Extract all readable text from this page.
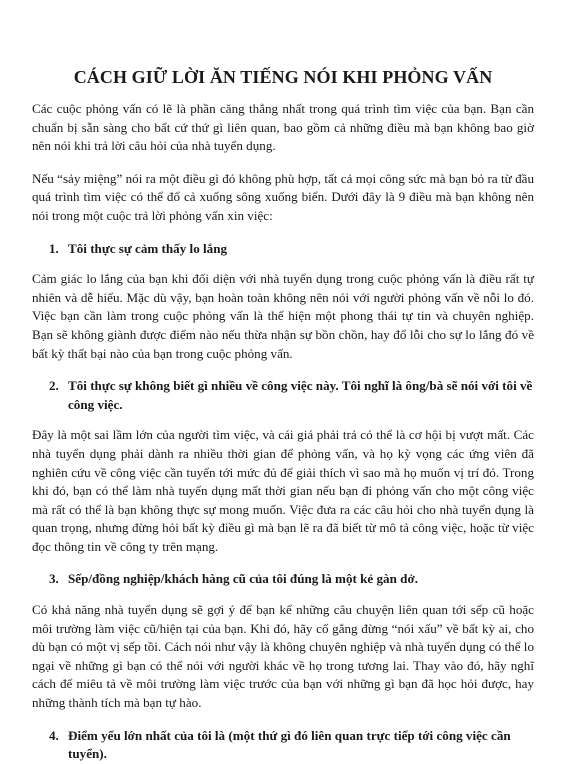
CÁCH GIỮ LỜI ĂN TIẾNG NÓI KHI PHỎNG VẤN

Các cuộc phỏng vấn có lẽ là phần căng thẳng nhất trong quá trình tìm việc của bạn. Bạn cần chuẩn bị sẵn sàng cho bất cứ thứ gì liên quan, bao gồm cả những điều mà bạn không bao giờ nên nói khi trả lời câu hỏi của nhà tuyển dụng.

Nếu “sảy miệng” nói ra một điều gì đó không phù hợp, tất cả mọi công sức mà bạn bỏ ra từ đầu quá trình tìm việc có thể đổ cả xuống sông xuống biển. Dưới đây là 9 điều mà bạn không nên nói trong một cuộc trả lời phỏng vấn xin việc:

1. Tôi thực sự cảm thấy lo lắng

Cảm giác lo lắng của bạn khi đối diện với nhà tuyển dụng trong cuộc phỏng vấn là điều rất tự nhiên và dễ hiểu. Mặc dù vậy, bạn hoàn toàn không nên nói với người phỏng vấn về nỗi lo đó. Việc bạn cần làm trong cuộc phỏng vấn là thể hiện một phong thái tự tin và chuyên nghiệp. Bạn sẽ không giành được điểm nào nếu thừa nhận sự bồn chồn, hay đổ lỗi cho sự lo lắng đó về bất kỳ thất bại nào của bạn trong cuộc phỏng vấn.

2. Tôi thực sự không biết gì nhiều về công việc này. Tôi nghĩ là ông/bà sẽ nói với tôi về công việc.

Đây là một sai lầm lớn của người tìm việc, và cái giá phải trả có thể là cơ hội bị vượt mất. Các nhà tuyển dụng phải dành ra nhiều thời gian để phỏng vấn, và họ kỳ vọng các ứng viên đã nghiên cứu về công việc cần tuyển tới mức đủ để giải thích vì sao mà họ muốn vị trí đó. Trong khi đó, bạn có thể làm nhà tuyển dụng mất thời gian nếu bạn đi phỏng vấn cho một công việc mà rất có thể là bạn không thực sự mong muốn. Việc đưa ra các câu hỏi cho nhà tuyển dụng là quan trọng, nhưng đừng hỏi bất kỳ điều gì mà bạn lẽ ra đã biết từ mô tả công việc, hoặc từ việc đọc thông tin về công ty trên mạng.

3. Sếp/đồng nghiệp/khách hàng cũ của tôi đúng là một kẻ gàn dở.

Có khả năng nhà tuyển dụng sẽ gợi ý để bạn kể những câu chuyện liên quan tới sếp cũ hoặc môi trường làm việc cũ/hiện tại của bạn. Khi đó, hãy cố gắng đừng “nói xấu” về bất kỳ ai, cho dù bạn có một vị sếp tồi. Cách nói như vậy là không chuyên nghiệp và nhà tuyển dụng có thể lo ngại về những gì bạn có thể nói với người khác về họ trong tương lai. Thay vào đó, hãy nghĩ cách để miêu tả về môi trường làm việc trước của bạn với những gì bạn đã học hỏi được, hay những thành tích mà bạn tự hào.

4. Điểm yếu lớn nhất của tôi là (một thứ gì đó liên quan trực tiếp tới công việc cần tuyển).
